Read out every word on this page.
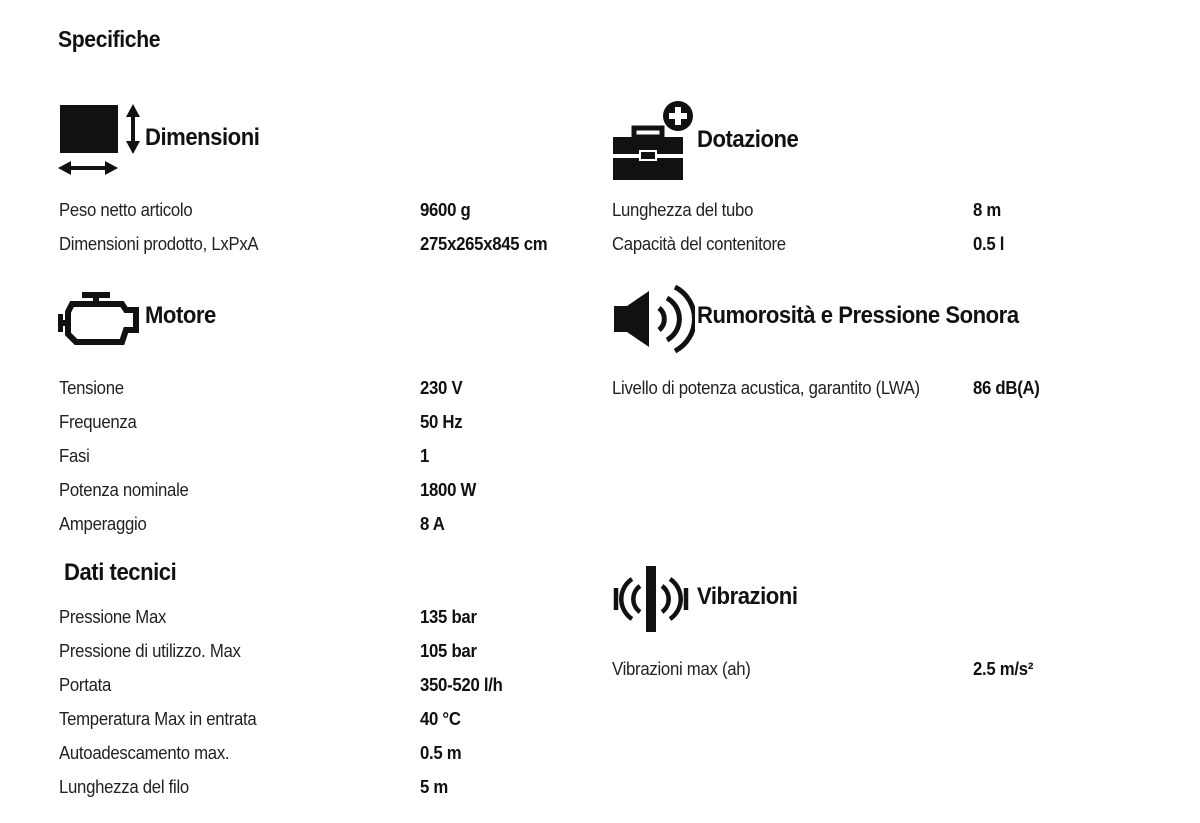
Specifiche
Dimensioni
Peso netto articolo	9600 g
Dimensioni prodotto, LxPxA	275x265x845 cm
Motore
Tensione	230 V
Frequenza	50 Hz
Fasi	1
Potenza nominale	1800 W
Amperaggio	8 A
Dati tecnici
Pressione Max	135 bar
Pressione di utilizzo. Max	105 bar
Portata	350-520 l/h
Temperatura Max in entrata	40 °C
Autoadescamento max.	0.5 m
Lunghezza del filo	5 m
Dotazione
Lunghezza del tubo	8 m
Capacità del contenitore	0.5 l
Rumorosità e Pressione Sonora
Livello di potenza acustica, garantito (LWA)	86 dB(A)
Vibrazioni
Vibrazioni max (ah)	2.5 m/s²
